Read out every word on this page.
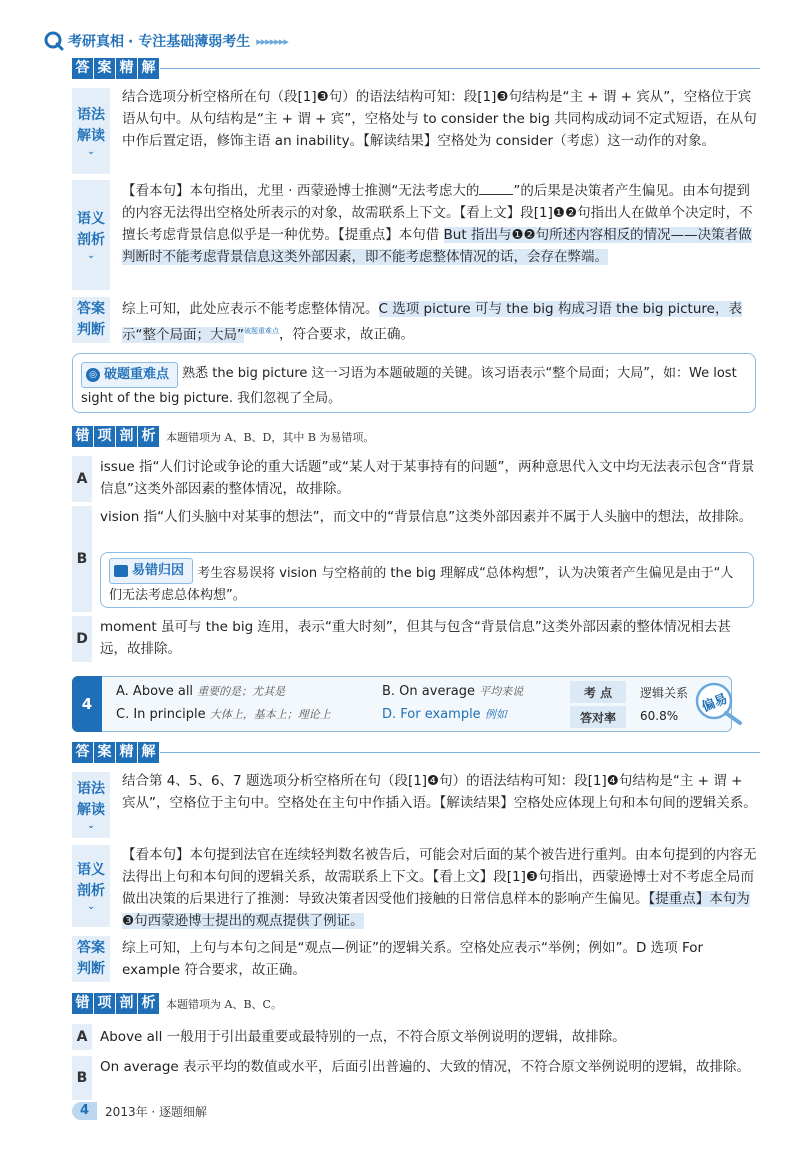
考研真相 · 专注基础薄弱考生 ▸▸▸▸▸▸▸
答 案 精 解
语法
解读
⌄
结合选项分析空格所在句（段[1]❸句）的语法结构可知：段[1]❸句结构是“主 + 谓 + 宾从”，空格位于宾语从句中。从句结构是“主 + 谓 + 宾”，空格处与 to consider the big 共同构成动词不定式短语，在从句中作后置定语，修饰主语 an inability。【解读结果】空格处为 consider（考虑）这一动作的对象。
语义
剖析
⌄
【看本句】本句指出，尤里 · 西蒙逊博士推测“无法考虑大的	”的后果是决策者产生偏见。由本句提到的内容无法得出空格处所表示的对象，故需联系上下文。【看上文】段[1]❶❷句指出人在做单个决定时，不擅长考虑背景信息似乎是一种优势。【提重点】本句借 But 指出与❶❷句所述内容相反的情况——决策者做判断时不能考虑背景信息这类外部因素，即不能考虑整体情况的话，会存在弊端。
答案
判断
综上可知，此处应表示不能考虑整体情况。C 选项 picture 可与 the big 构成习语 the big picture，表示“整个局面；大局”$^{破题重难点}$，符合要求，故正确。
◎ 破题重难点 熟悉 the big picture 这一习语为本题破题的关键。该习语表示“整个局面；大局”，如：We lost sight of the big picture. 我们忽视了全局。
错 项 剖 析 本题错项为 A、B、D，其中 B 为易错项。
A
issue 指“人们讨论或争论的重大话题”或“某人对于某事持有的问题”，两种意思代入文中均无法表示包含“背景信息”这类外部因素的整体情况，故排除。
B
vision 指“人们头脑中对某事的想法”，而文中的“背景信息”这类外部因素并不属于人头脑中的想法，故排除。
易错归因 考生容易误将 vision 与空格前的 the big 理解成“总体构想”，认为决策者产生偏见是由于“人们无法考虑总体构想”。
D
moment 虽可与 the big 连用，表示“重大时刻”，但其与包含“背景信息”这类外部因素的整体情况相去甚远，故排除。
4
A. Above all 重要的是；尤其是	B. On average 平均来说
C. In principle 大体上，基本上；理论上	D. For example 例如
考 点	逻辑关系
答对率	60.8%
偏易
答 案 精 解
语法
解读
⌄
结合第 4、5、6、7 题选项分析空格所在句（段[1]❹句）的语法结构可知：段[1]❹句结构是“主 + 谓 + 宾从”，空格位于主句中。空格处在主句中作插入语。【解读结果】空格处应体现上句和本句间的逻辑关系。
语义
剖析
⌄
【看本句】本句提到法官在连续轻判数名被告后，可能会对后面的某个被告进行重判。由本句提到的内容无法得出上句和本句间的逻辑关系，故需联系上下文。【看上文】段[1]❸句指出，西蒙逊博士对不考虑全局而做出决策的后果进行了推测：导致决策者因受他们接触的日常信息样本的影响产生偏见。【提重点】本句为❸句西蒙逊博士提出的观点提供了例证。
答案
判断
综上可知，上句与本句之间是“观点—例证”的逻辑关系。空格处应表示“举例；例如”。D 选项 For example 符合要求，故正确。
错 项 剖 析 本题错项为 A、B、C。
A Above all 一般用于引出最重要或最特别的一点，不符合原文举例说明的逻辑，故排除。
B
On average 表示平均的数值或水平，后面引出普遍的、大致的情况，不符合原文举例说明的逻辑，故排除。
4	2013年 · 逐题细解
